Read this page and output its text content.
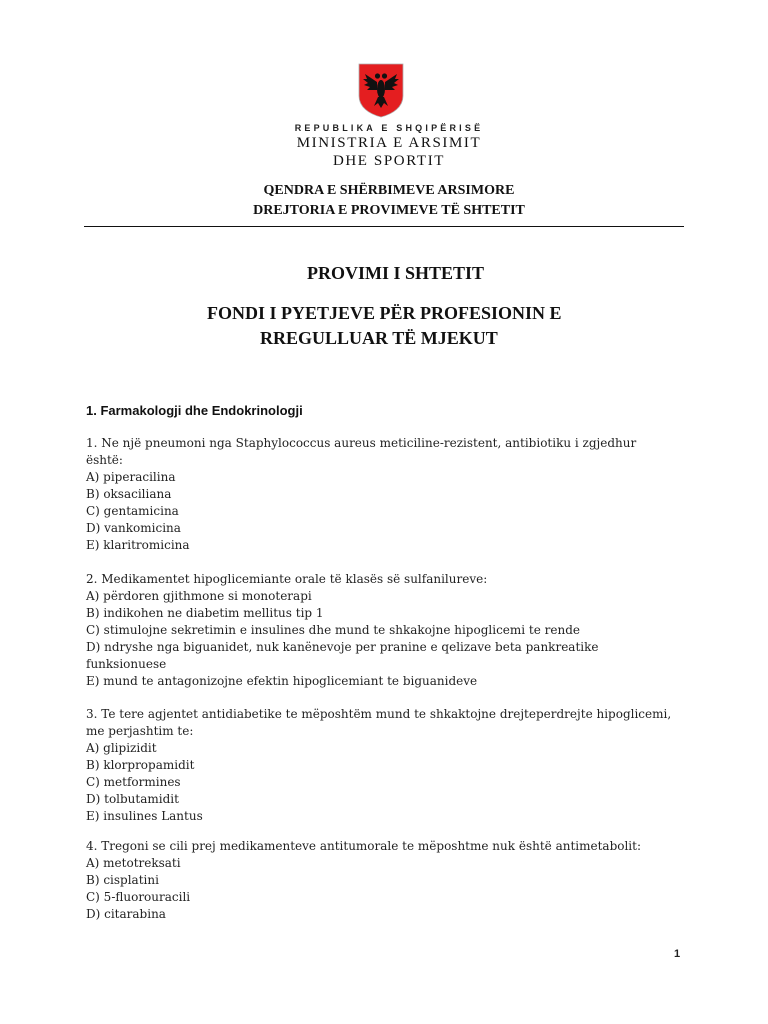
REPUBLIKA E SHQIPËRISË
MINISTRIA E ARSIMIT
DHE SPORTIT
QENDRA E SHËRBIMEVE ARSIMORE
DREJTORIA E PROVIMEVE TË SHTETIT
PROVIMI I SHTETIT
FONDI I PYETJEVE PËR PROFESIONIN E
RREGULLUAR TË MJEKUT
1. Farmakologji dhe Endokrinologji
1. Ne një pneumoni nga Staphylococcus aureus meticiline-rezistent, antibiotiku i zgjedhur
është:
A) piperacilina
B) oksaciliana
C) gentamicina
D) vankomicina
E) klaritromicina
2. Medikamentet hipoglicemiante orale të klasës së sulfanilureve:
A) pёrdoren gjithmone si monoterapi
B) indikohen ne diabetim mellitus tip 1
C) stimulojne sekretimin e insulines dhe mund te shkakojne hipoglicemi te rende
D) ndryshe nga biguanidet, nuk kanёnevoje per pranine e qelizave beta pankreatike
funksionuese
E) mund te antagonizojne efektin hipoglicemiant te biguanideve
3. Te tere agjentet antidiabetike te mёposhtëm mund te shkaktojne drejteperdrejte hipoglicemi,
me perjashtim te:
A) glipizidit
B) klorpropamidit
C) metformines
D) tolbutamidit
E) insulines Lantus
4. Tregoni se cili prej medikamenteve antitumorale te mёposhtme nuk është antimetabolit:
A) metotreksati
B) cisplatini
C) 5-fluorouracili
D) citarabina
1
